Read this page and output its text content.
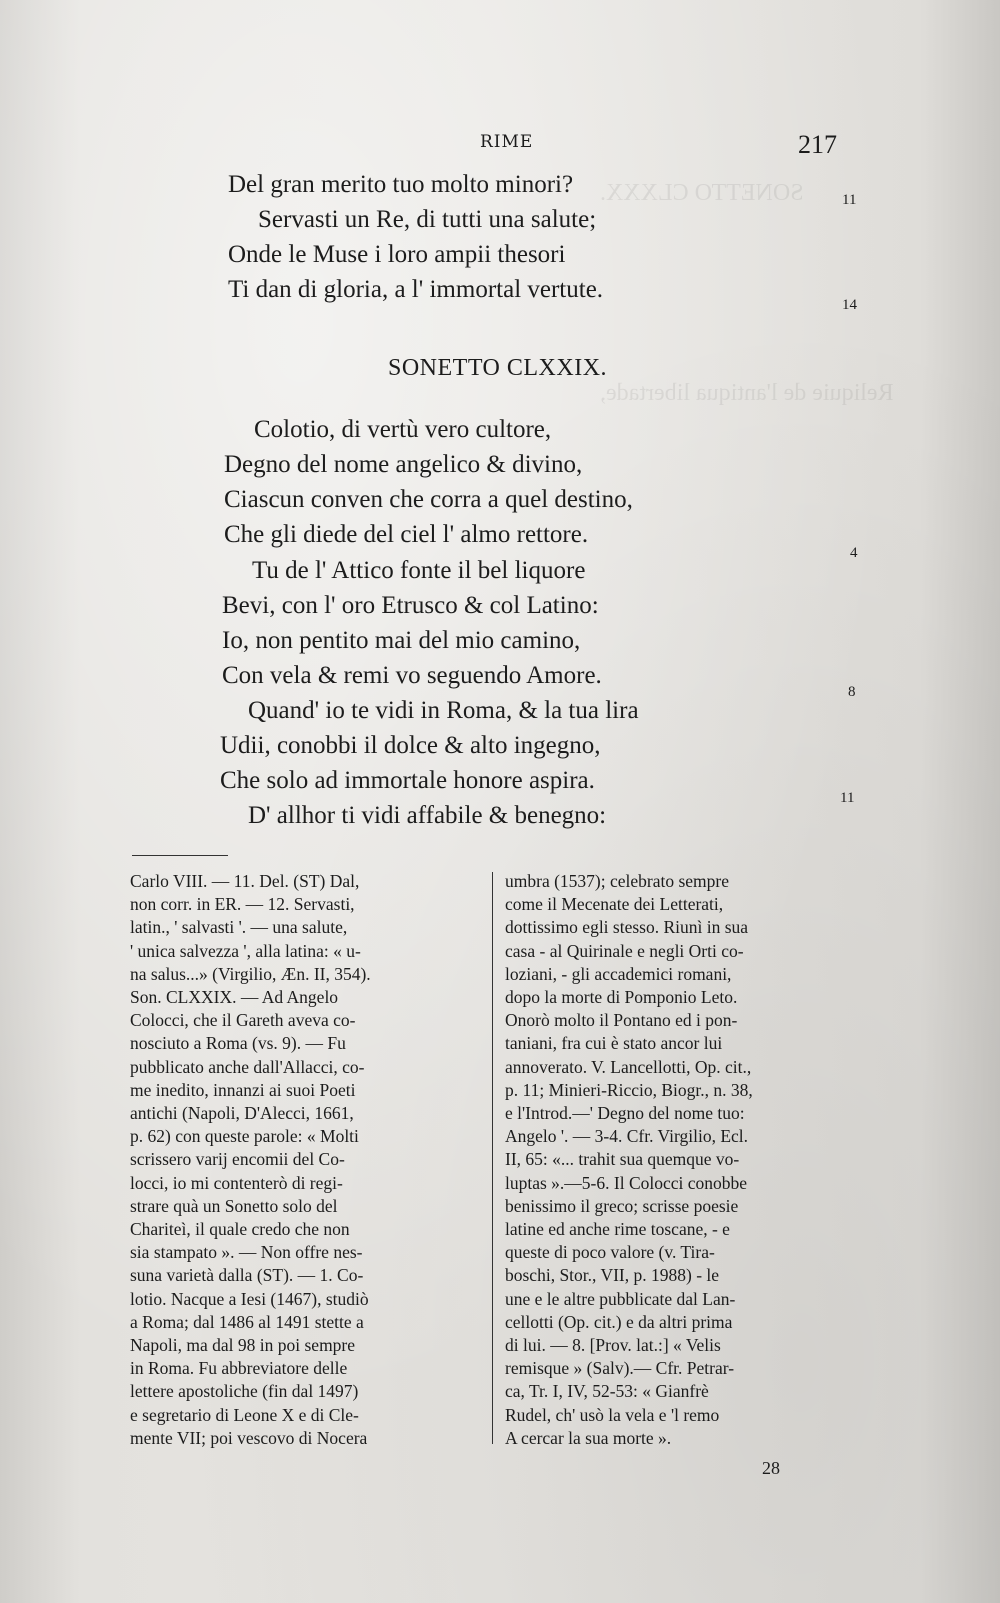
SONETTO CLXXX.
Reliquie de l'antiqua libertade,
RIME	217
Del gran merito tuo molto minori?
Servasti un Re, di tutti una salute;
Onde le Muse i loro ampii thesori
Ti dan di gloria, a l' immortal vertute.
11
14
SONETTO CLXXIX.
Colotio, di vertù vero cultore,
Degno del nome angelico & divino,
Ciascun conven che corra a quel destino,
Che gli diede del ciel l' almo rettore.
Tu de l' Attico fonte il bel liquore
Bevi, con l' oro Etrusco & col Latino:
Io, non pentito mai del mio camino,
Con vela & remi vo seguendo Amore.
Quand' io te vidi in Roma, & la tua lira
Udii, conobbi il dolce & alto ingegno,
Che solo ad immortale honore aspira.
D' allhor ti vidi affabile & benegno:
4
8
11
Carlo VIII. — 11. Del. (ST) Dal,
non corr. in ER. — 12. Servasti,
latin., ' salvasti '. — una salute,
' unica salvezza ', alla latina: « u-
na salus...» (Virgilio, Æn. II, 354).
Son. CLXXIX. — Ad Angelo
Colocci, che il Gareth aveva co-
nosciuto a Roma (vs. 9). — Fu
pubblicato anche dall'Allacci, co-
me inedito, innanzi ai suoi Poeti
antichi (Napoli, D'Alecci, 1661,
p. 62) con queste parole: « Molti
scrissero varij encomii del Co-
locci, io mi contenterò di regi-
strare quà un Sonetto solo del
Chariteì, il quale credo che non
sia stampato ». — Non offre nes-
suna varietà dalla (ST). — 1. Co-
lotio. Nacque a Iesi (1467), studiò
a Roma; dal 1486 al 1491 stette a
Napoli, ma dal 98 in poi sempre
in Roma. Fu abbreviatore delle
lettere apostoliche (fin dal 1497)
e segretario di Leone X e di Cle-
mente VII; poi vescovo di Nocera
umbra (1537); celebrato sempre
come il Mecenate dei Letterati,
dottissimo egli stesso. Riunì in sua
casa - al Quirinale e negli Orti co-
loziani, - gli accademici romani,
dopo la morte di Pomponio Leto.
Onorò molto il Pontano ed i pon-
taniani, fra cui è stato ancor lui
annoverato. V. Lancellotti, Op. cit.,
p. 11; Minieri-Riccio, Biogr., n. 38,
e l'Introd.—' Degno del nome tuo:
Angelo '. — 3-4. Cfr. Virgilio, Ecl.
II, 65: «... trahit sua quemque vo-
luptas ».—5-6. Il Colocci conobbe
benissimo il greco; scrisse poesie
latine ed anche rime toscane, - e
queste di poco valore (v. Tira-
boschi, Stor., VII, p. 1988) - le
une e le altre pubblicate dal Lan-
cellotti (Op. cit.) e da altri prima
di lui. — 8. [Prov. lat.:] « Velis
remisque » (Salv).— Cfr. Petrar-
ca, Tr. I, IV, 52-53: « Gianfrè
Rudel, ch' usò la vela e 'l remo
A cercar la sua morte ».
28
